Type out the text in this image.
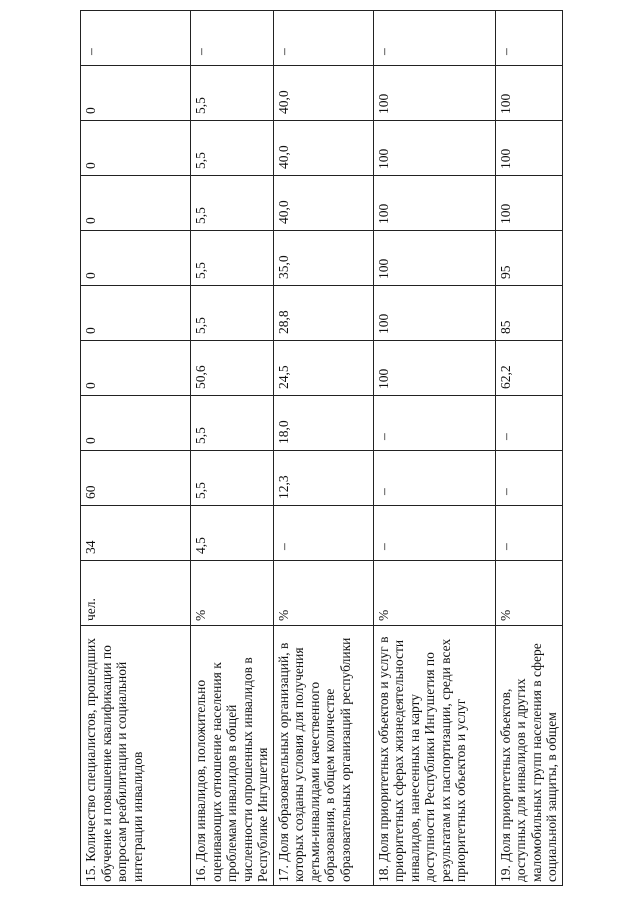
15. Количество специалистов, прошедших обучение и повышение квалификации по вопросам реабилитации и социальной интеграции инвалидов	чел.	34	60	0	0	0	0	0	0	0	–
16. Доля инвалидов, положительно оценивающих отношение населения к проблемам инвалидов в общей численности опрошенных инвалидов в Республике Ингушетия	%	4,5	5,5	5,5	50,6	5,5	5,5	5,5	5,5	5,5	–
17. Доля образовательных организаций, в которых созданы условия для получения детьми-инвалидами качественного образования, в общем количестве образовательных организаций республики	%	–	12,3	18,0	24,5	28,8	35,0	40,0	40,0	40,0	–
18. Доля приоритетных объектов и услуг в приоритетных сферах жизнедеятельности инвалидов, нанесенных на карту доступности Республики Ингушетия по результатам их паспортизации, среди всех приоритетных объектов и услуг	%	–	–	–	100	100	100	100	100	100	–
19. Доля приоритетных объектов, доступных для инвалидов и других маломобильных групп населения в сфере социальной защиты, в общем	%	–	–	–	62,2	85	95	100	100	100	–
